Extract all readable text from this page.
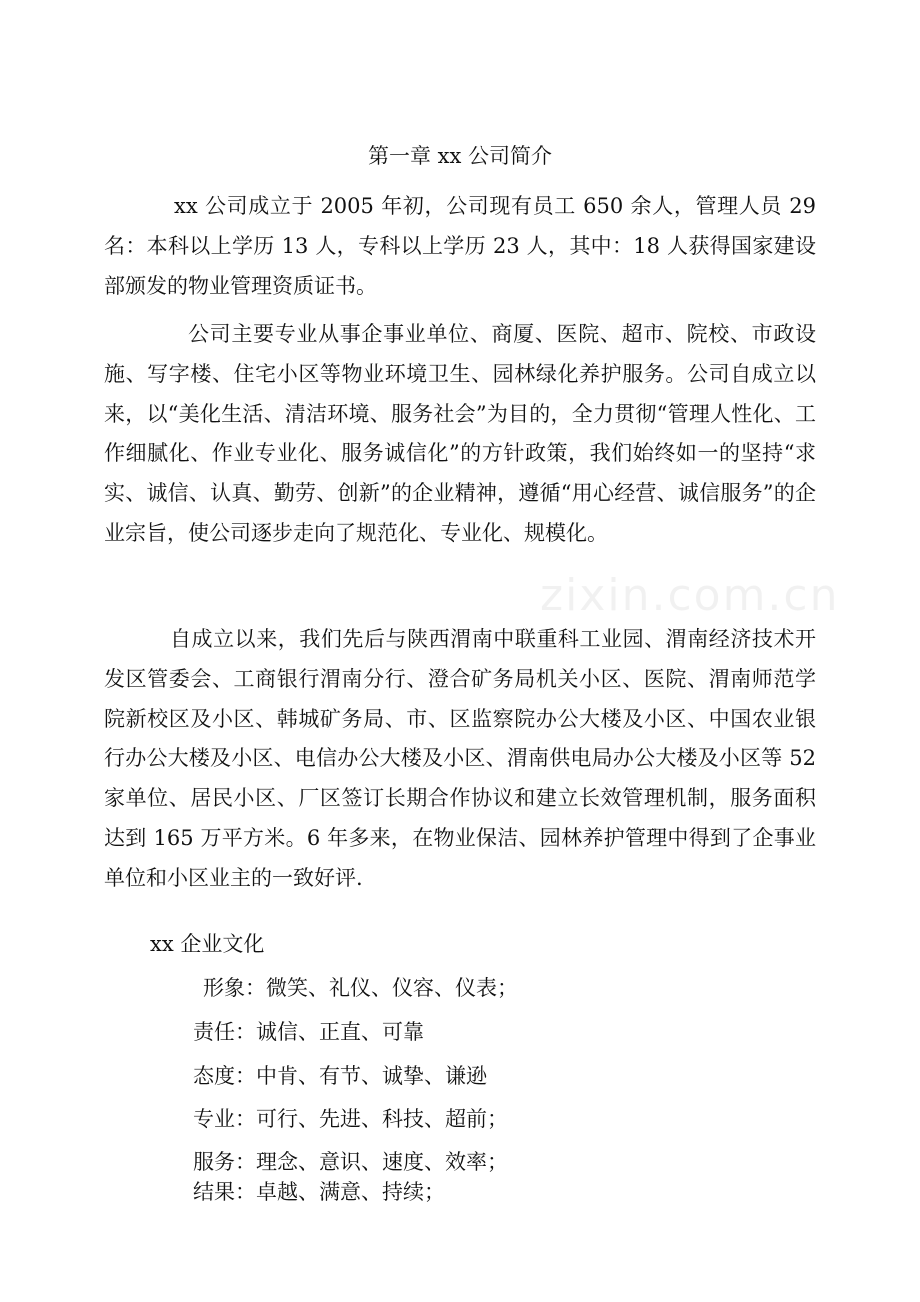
第一章 xx 公司简介

xx 公司成立于 2005 年初，公司现有员工 650 余人，管理人员 29 名：本科以上学历 13 人，专科以上学历 23 人，其中：18 人获得国家建设部颁发的物业管理资质证书。

公司主要专业从事企事业单位、商厦、医院、超市、院校、市政设施、写字楼、住宅小区等物业环境卫生、园林绿化养护服务。公司自成立以来，以“美化生活、清洁环境、服务社会”为目的，全力贯彻“管理人性化、工作细腻化、作业专业化、服务诚信化”的方针政策，我们始终如一的坚持“求实、诚信、认真、勤劳、创新”的企业精神，遵循“用心经营、诚信服务”的企业宗旨，使公司逐步走向了规范化、专业化、规模化。

自成立以来，我们先后与陕西渭南中联重科工业园、渭南经济技术开发区管委会、工商银行渭南分行、澄合矿务局机关小区、医院、渭南师范学院新校区及小区、韩城矿务局、市、区监察院办公大楼及小区、中国农业银行办公大楼及小区、电信办公大楼及小区、渭南供电局办公大楼及小区等 52 家单位、居民小区、厂区签订长期合作协议和建立长效管理机制，服务面积达到 165 万平方米。6 年多来，在物业保洁、园林养护管理中得到了企事业单位和小区业主的一致好评.

xx 企业文化
形象：微笑、礼仪、仪容、仪表；
责任：诚信、正直、可靠
态度：中肯、有节、诚挚、谦逊
专业：可行、先进、科技、超前；
服务：理念、意识、速度、效率；
结果：卓越、满意、持续；
zixin.com.cn
